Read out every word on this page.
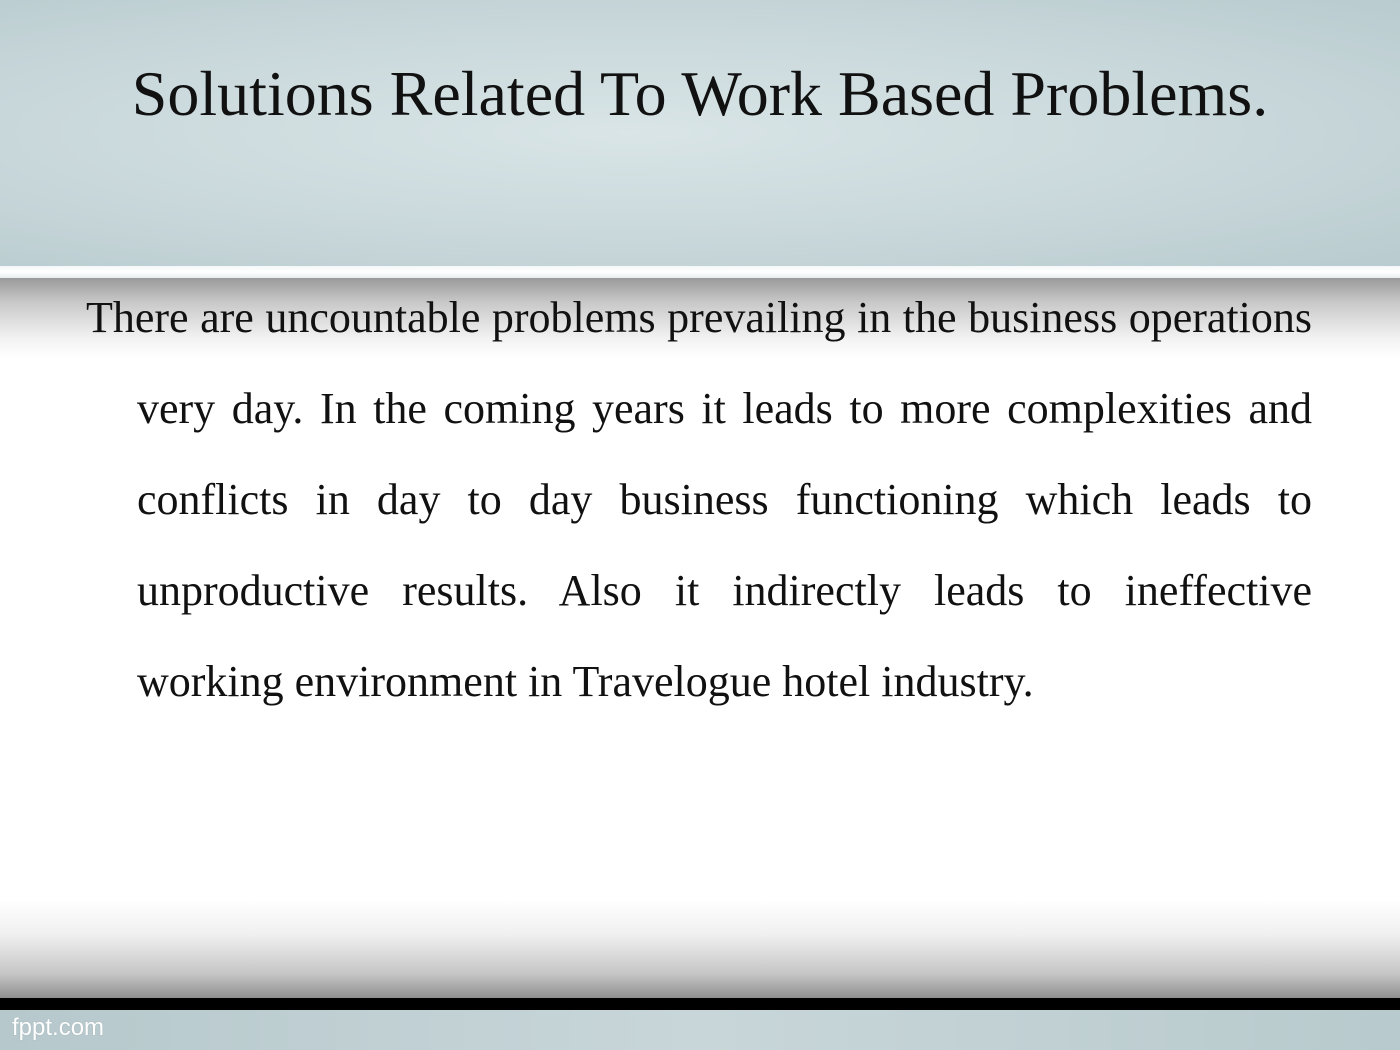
Solutions Related To Work Based Problems.

There are uncountable problems prevailing in the business operations very day. In the coming years it leads to more complexities and conflicts in day to day business functioning which leads to unproductive results. Also it indirectly leads to ineffective working environment in Travelogue hotel industry.

fppt.com
